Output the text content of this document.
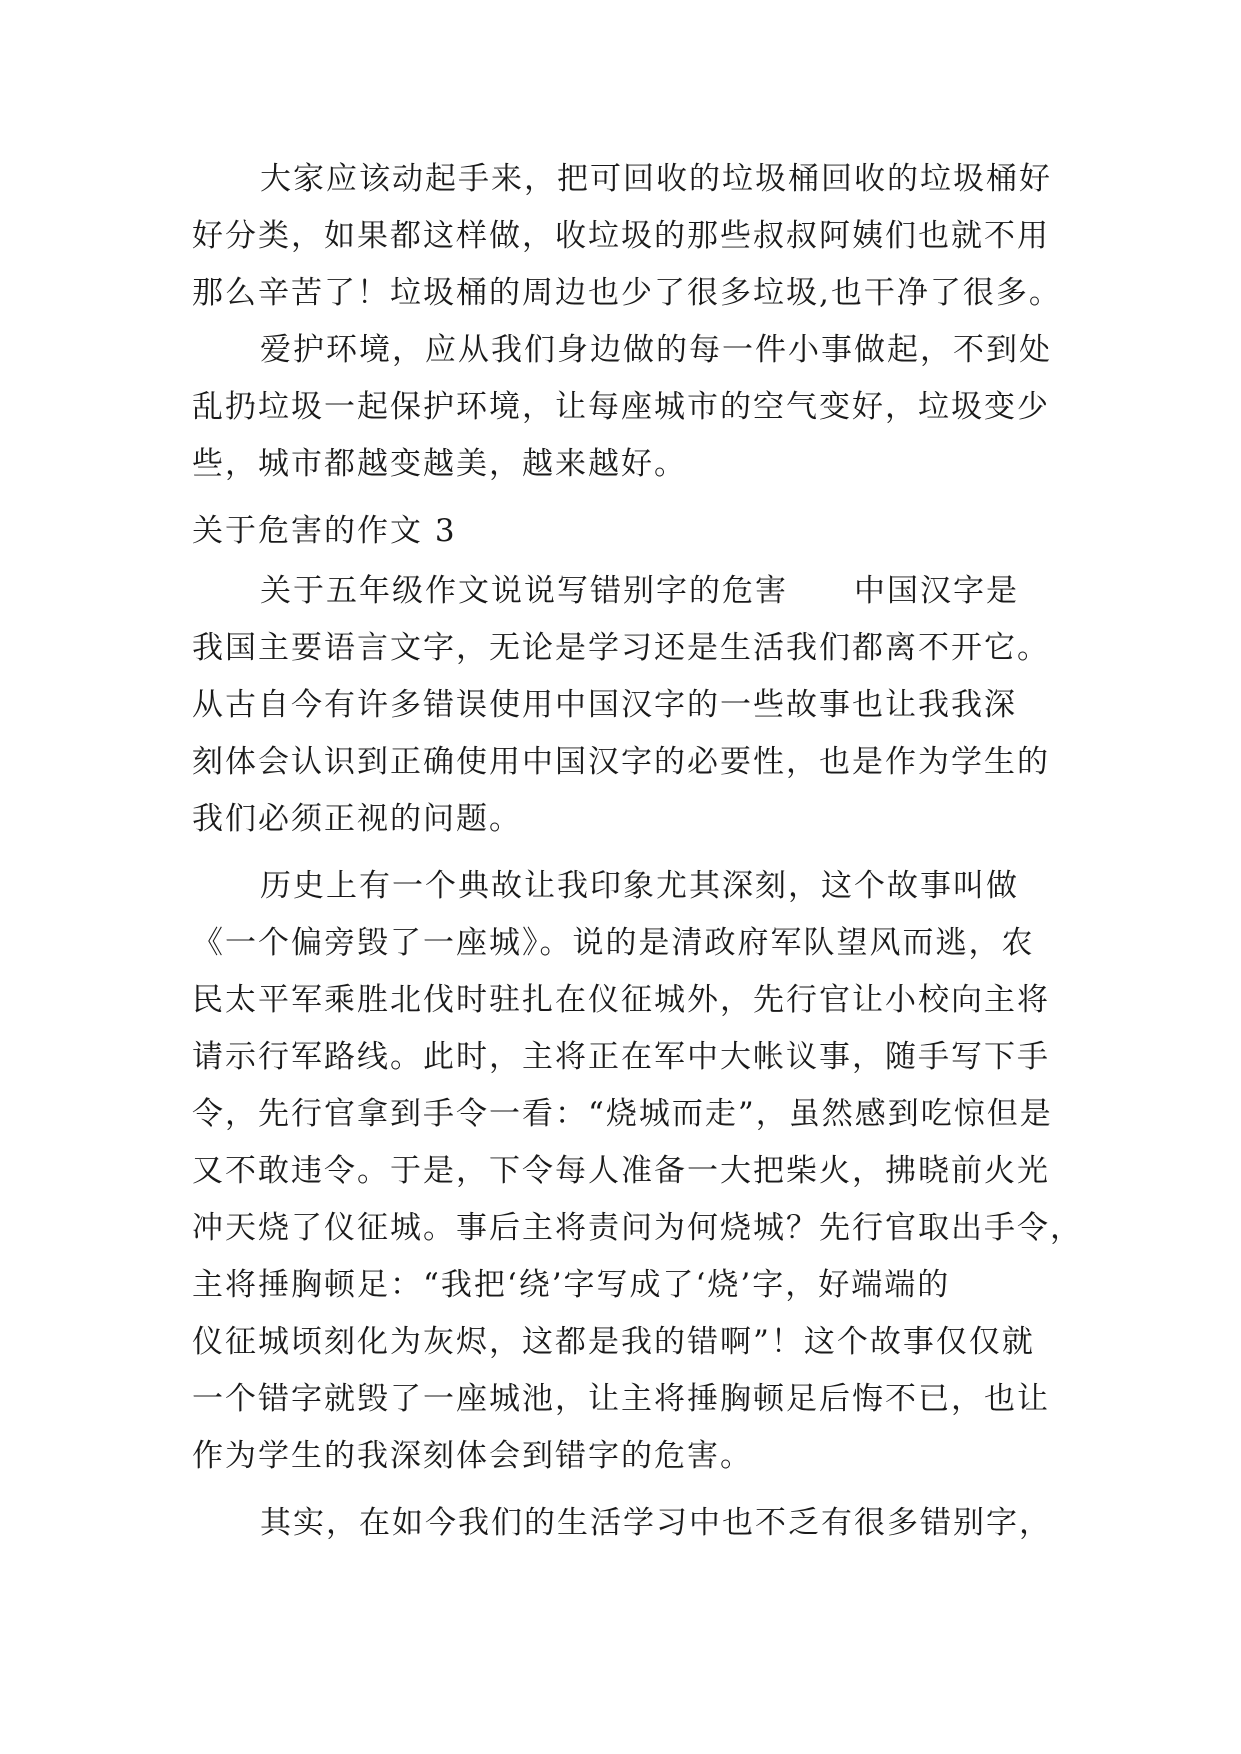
大家应该动起手来，把可回收的垃圾桶回收的垃圾桶好
好分类，如果都这样做，收垃圾的那些叔叔阿姨们也就不用
那么辛苦了！垃圾桶的周边也少了很多垃圾,也干净了很多。
爱护环境，应从我们身边做的每一件小事做起，不到处
乱扔垃圾一起保护环境，让每座城市的空气变好，垃圾变少
些，城市都越变越美，越来越好。
关于危害的作文 3
关于五年级作文说说写错别字的危害　　中国汉字是
我国主要语言文字，无论是学习还是生活我们都离不开它。
从古自今有许多错误使用中国汉字的一些故事也让我我深
刻体会认识到正确使用中国汉字的必要性，也是作为学生的
我们必须正视的问题。
历史上有一个典故让我印象尤其深刻，这个故事叫做
《一个偏旁毁了一座城》。说的是清政府军队望风而逃，农
民太平军乘胜北伐时驻扎在仪征城外，先行官让小校向主将
请示行军路线。此时，主将正在军中大帐议事，随手写下手
令，先行官拿到手令一看：“烧城而走”，虽然感到吃惊但是
又不敢违令。于是，下令每人准备一大把柴火，拂晓前火光
冲天烧了仪征城。事后主将责问为何烧城？先行官取出手令，
主将捶胸顿足：“我把‘绕’字写成了‘烧’字，好端端的
仪征城顷刻化为灰烬，这都是我的错啊”！这个故事仅仅就
一个错字就毁了一座城池，让主将捶胸顿足后悔不已，也让
作为学生的我深刻体会到错字的危害。
其实，在如今我们的生活学习中也不乏有很多错别字，
